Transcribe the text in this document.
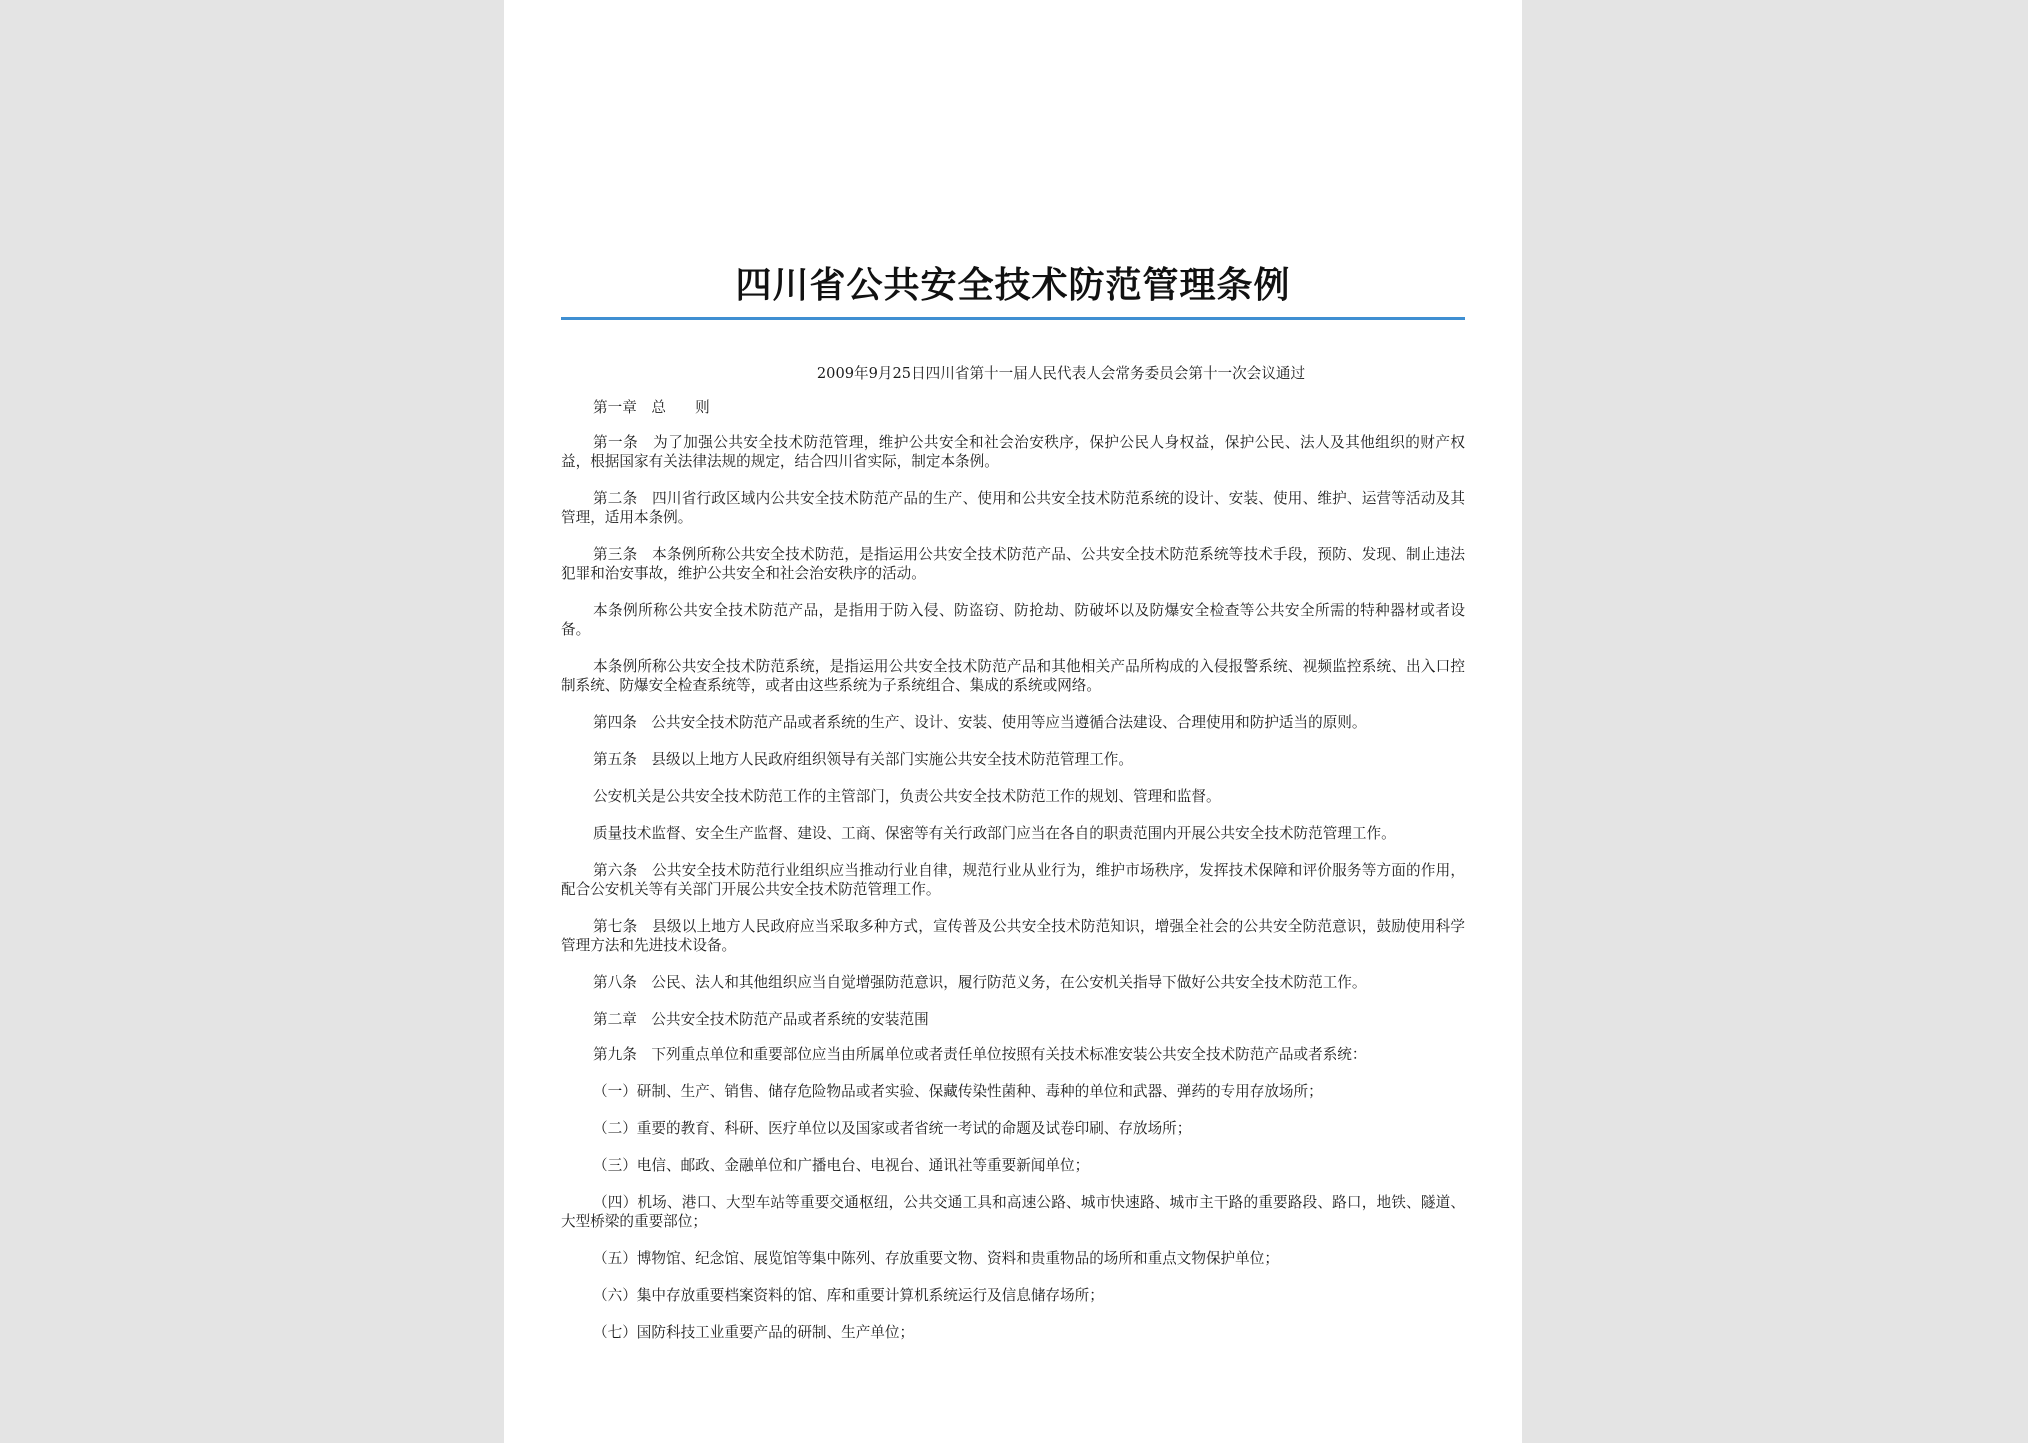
四川省公共安全技术防范管理条例

2009年9月25日四川省第十一届人民代表人会常务委员会第十一次会议通过

第一章　总　　则

第一条　为了加强公共安全技术防范管理，维护公共安全和社会治安秩序，保护公民人身权益，保护公民、法人及其他组织的财产权益，根据国家有关法律法规的规定，结合四川省实际，制定本条例。

第二条　四川省行政区域内公共安全技术防范产品的生产、使用和公共安全技术防范系统的设计、安装、使用、维护、运营等活动及其管理，适用本条例。

第三条　本条例所称公共安全技术防范，是指运用公共安全技术防范产品、公共安全技术防范系统等技术手段，预防、发现、制止违法犯罪和治安事故，维护公共安全和社会治安秩序的活动。

本条例所称公共安全技术防范产品，是指用于防入侵、防盗窃、防抢劫、防破坏以及防爆安全检查等公共安全所需的特种器材或者设备。

本条例所称公共安全技术防范系统，是指运用公共安全技术防范产品和其他相关产品所构成的入侵报警系统、视频监控系统、出入口控制系统、防爆安全检查系统等，或者由这些系统为子系统组合、集成的系统或网络。

第四条　公共安全技术防范产品或者系统的生产、设计、安装、使用等应当遵循合法建设、合理使用和防护适当的原则。

第五条　县级以上地方人民政府组织领导有关部门实施公共安全技术防范管理工作。

公安机关是公共安全技术防范工作的主管部门，负责公共安全技术防范工作的规划、管理和监督。

质量技术监督、安全生产监督、建设、工商、保密等有关行政部门应当在各自的职责范围内开展公共安全技术防范管理工作。

第六条　公共安全技术防范行业组织应当推动行业自律，规范行业从业行为，维护市场秩序，发挥技术保障和评价服务等方面的作用，配合公安机关等有关部门开展公共安全技术防范管理工作。

第七条　县级以上地方人民政府应当采取多种方式，宣传普及公共安全技术防范知识，增强全社会的公共安全防范意识，鼓励使用科学管理方法和先进技术设备。

第八条　公民、法人和其他组织应当自觉增强防范意识，履行防范义务，在公安机关指导下做好公共安全技术防范工作。

第二章　公共安全技术防范产品或者系统的安装范围

第九条　下列重点单位和重要部位应当由所属单位或者责任单位按照有关技术标准安装公共安全技术防范产品或者系统：

（一）研制、生产、销售、储存危险物品或者实验、保藏传染性菌种、毒种的单位和武器、弹药的专用存放场所；

（二）重要的教育、科研、医疗单位以及国家或者省统一考试的命题及试卷印刷、存放场所；

（三）电信、邮政、金融单位和广播电台、电视台、通讯社等重要新闻单位；

（四）机场、港口、大型车站等重要交通枢纽，公共交通工具和高速公路、城市快速路、城市主干路的重要路段、路口，地铁、隧道、大型桥梁的重要部位；

（五）博物馆、纪念馆、展览馆等集中陈列、存放重要文物、资料和贵重物品的场所和重点文物保护单位；

（六）集中存放重要档案资料的馆、库和重要计算机系统运行及信息储存场所；

（七）国防科技工业重要产品的研制、生产单位；
